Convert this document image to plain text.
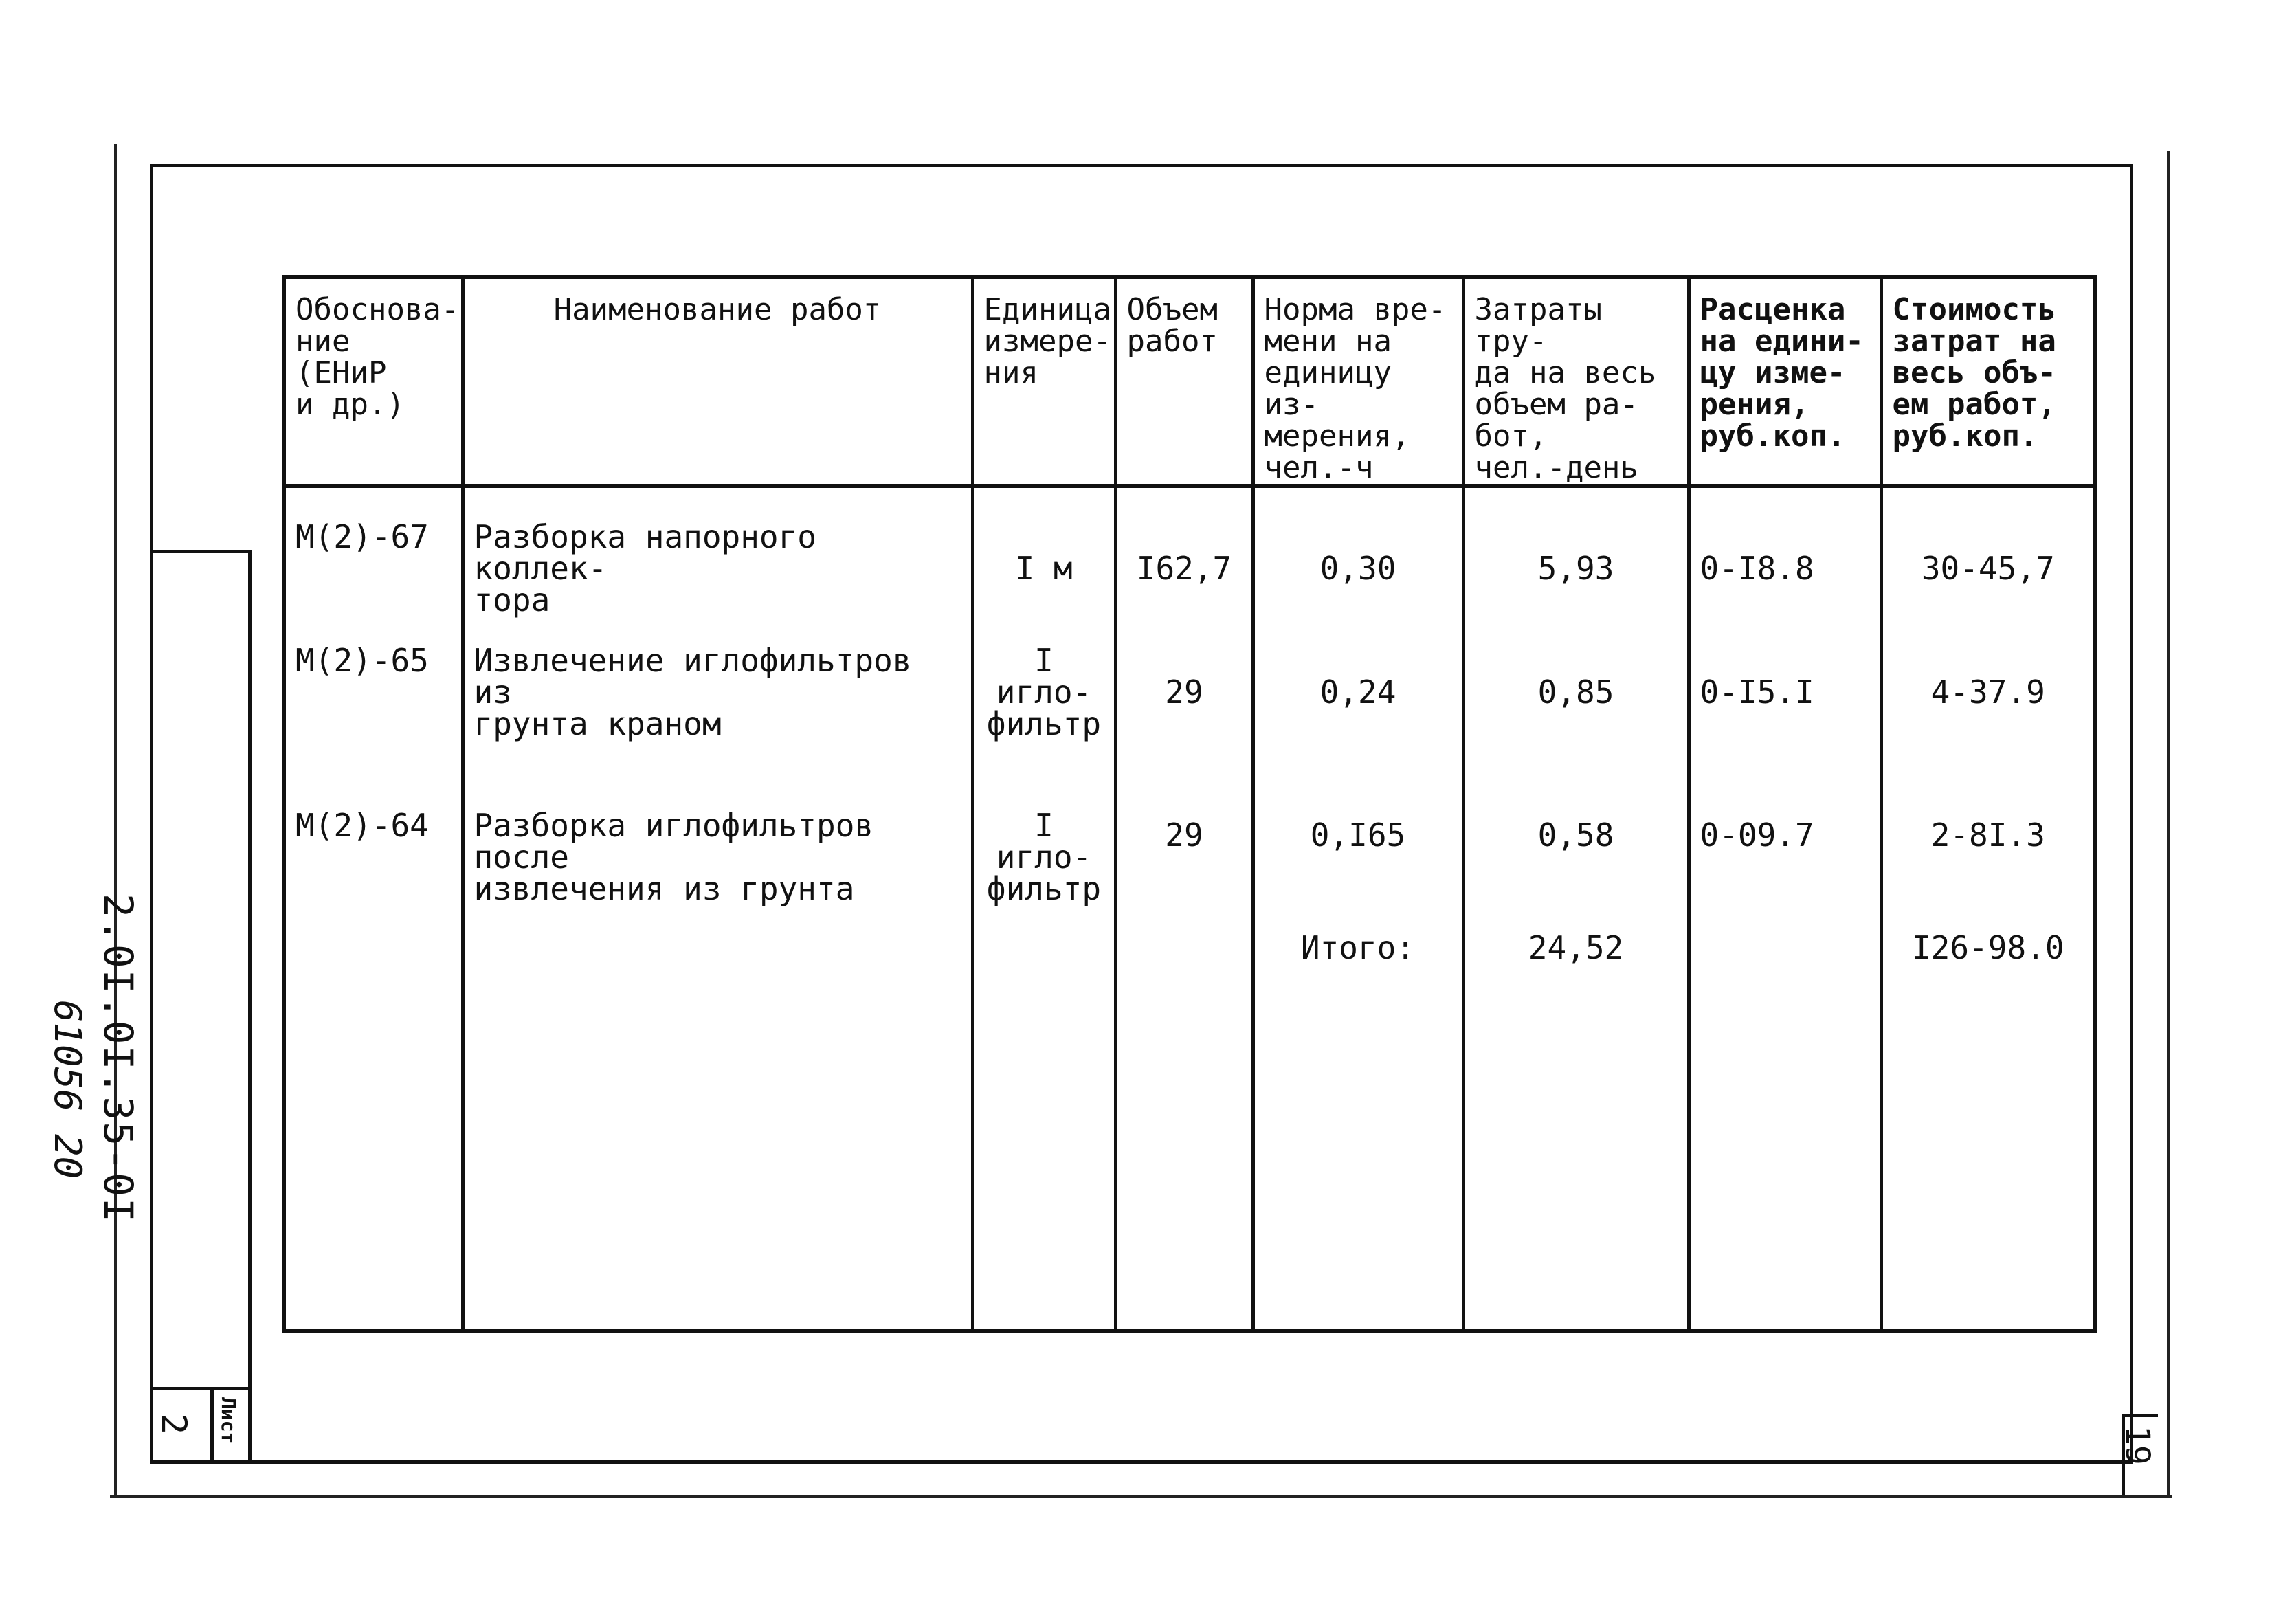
2.0I.0I.35-0I
61056 20
2 Лист
19
Обоснова-
ние (ЕНиР
и др.)	Наименование работ	Единица
измере-
ния	Объем
работ	Норма вре-
мени на
единицу из-
мерения,
чел.-ч	Затраты тру-
да на весь
объем ра-
бот,
чел.-день	Расценка
на едини-
цу изме-
рения,
руб.коп.	Стоимость
затрат на
весь объ-
ем работ,
руб.коп.
М(2)-67	Разборка напорного коллек-
тора	I м	I62,7	0,30	5,93	0-I8.8	30-45,7
М(2)-65	Извлечение иглофильтров из
грунта краном	I
игло-
фильтр	29	0,24	0,85	0-I5.I	4-37.9
М(2)-64	Разборка иглофильтров после
извлечения из грунта	I
игло-
фильтр	29	0,I65	0,58	0-09.7	2-8I.3
				Итого:	24,52		I26-98.0
